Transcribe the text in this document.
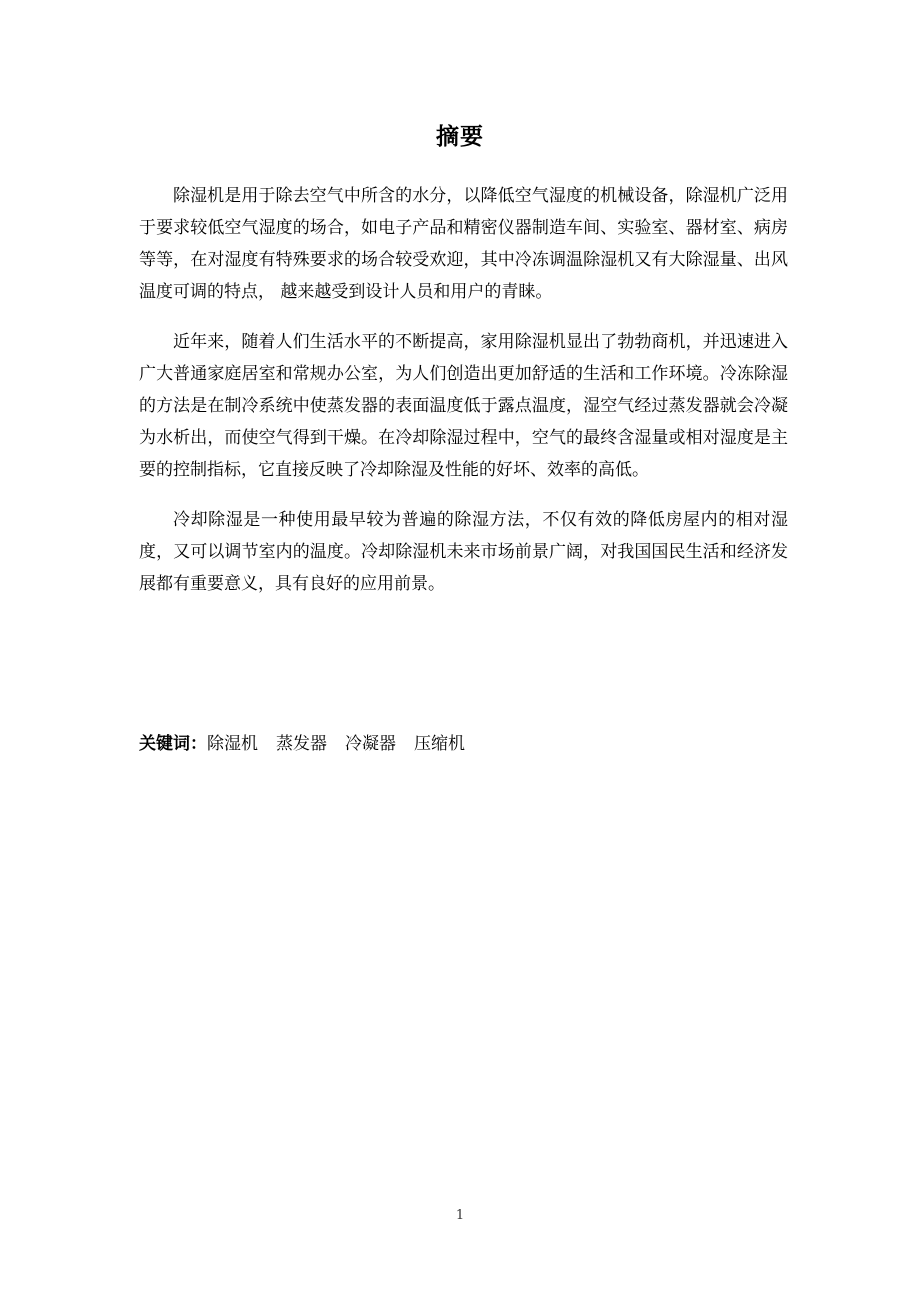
摘要

除湿机是用于除去空气中所含的水分，以降低空气湿度的机械设备，除湿机广泛用于要求较低空气湿度的场合，如电子产品和精密仪器制造车间、实验室、器材室、病房等等，在对湿度有特殊要求的场合较受欢迎，其中冷冻调温除湿机又有大除湿量、出风温度可调的特点， 越来越受到设计人员和用户的青睐。

近年来，随着人们生活水平的不断提高，家用除湿机显出了勃勃商机，并迅速进入广大普通家庭居室和常规办公室，为人们创造出更加舒适的生活和工作环境。冷冻除湿的方法是在制冷系统中使蒸发器的表面温度低于露点温度，湿空气经过蒸发器就会冷凝为水析出，而使空气得到干燥。在冷却除湿过程中，空气的最终含湿量或相对湿度是主要的控制指标，它直接反映了冷却除湿及性能的好坏、效率的高低。

冷却除湿是一种使用最早较为普遍的除湿方法，不仅有效的降低房屋内的相对湿度，又可以调节室内的温度。冷却除湿机未来市场前景广阔，对我国国民生活和经济发展都有重要意义，具有良好的应用前景。

关键词：除湿机 蒸发器 冷凝器 压缩机
1
